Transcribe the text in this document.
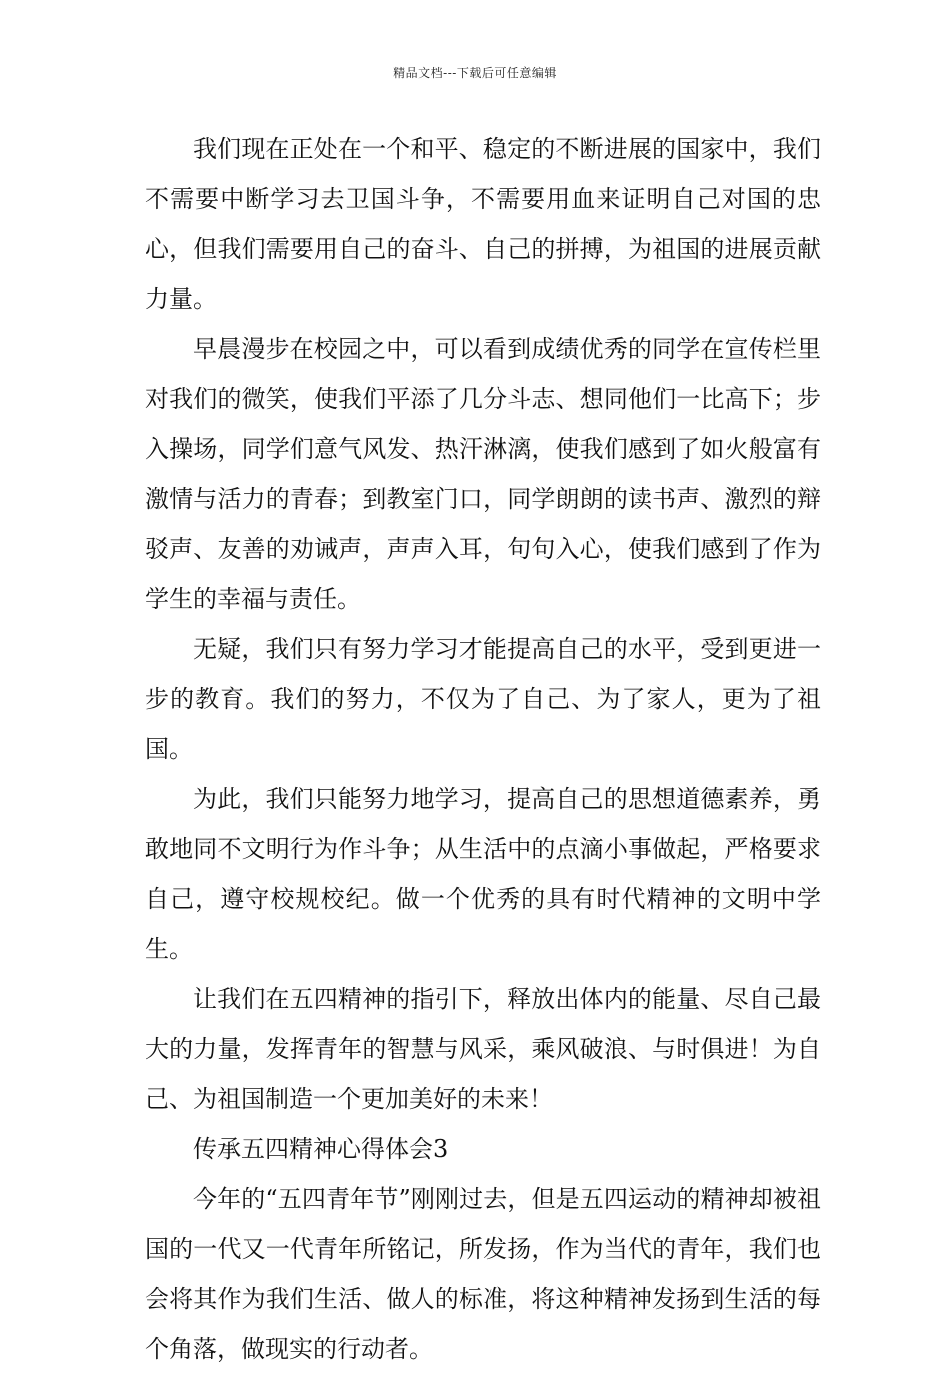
精品文档---下载后可任意编辑

我们现在正处在一个和平、稳定的不断进展的国家中，我们不需要中断学习去卫国斗争，不需要用血来证明自己对国的忠心，但我们需要用自己的奋斗、自己的拼搏，为祖国的进展贡献力量。

早晨漫步在校园之中，可以看到成绩优秀的同学在宣传栏里对我们的微笑，使我们平添了几分斗志、想同他们一比高下；步入操场，同学们意气风发、热汗淋漓，使我们感到了如火般富有激情与活力的青春；到教室门口，同学朗朗的读书声、激烈的辩驳声、友善的劝诫声，声声入耳，句句入心，使我们感到了作为学生的幸福与责任。

无疑，我们只有努力学习才能提高自己的水平，受到更进一步的教育。我们的努力，不仅为了自己、为了家人，更为了祖国。

为此，我们只能努力地学习，提高自己的思想道德素养，勇敢地同不文明行为作斗争；从生活中的点滴小事做起，严格要求自己，遵守校规校纪。做一个优秀的具有时代精神的文明中学生。

让我们在五四精神的指引下，释放出体内的能量、尽自己最大的力量，发挥青年的智慧与风采，乘风破浪、与时俱进！为自己、为祖国制造一个更加美好的未来！

传承五四精神心得体会3

今年的“五四青年节”刚刚过去，但是五四运动的精神却被祖国的一代又一代青年所铭记，所发扬，作为当代的青年，我们也会将其作为我们生活、做人的标准，将这种精神发扬到生活的每个角落，做现实的行动者。
